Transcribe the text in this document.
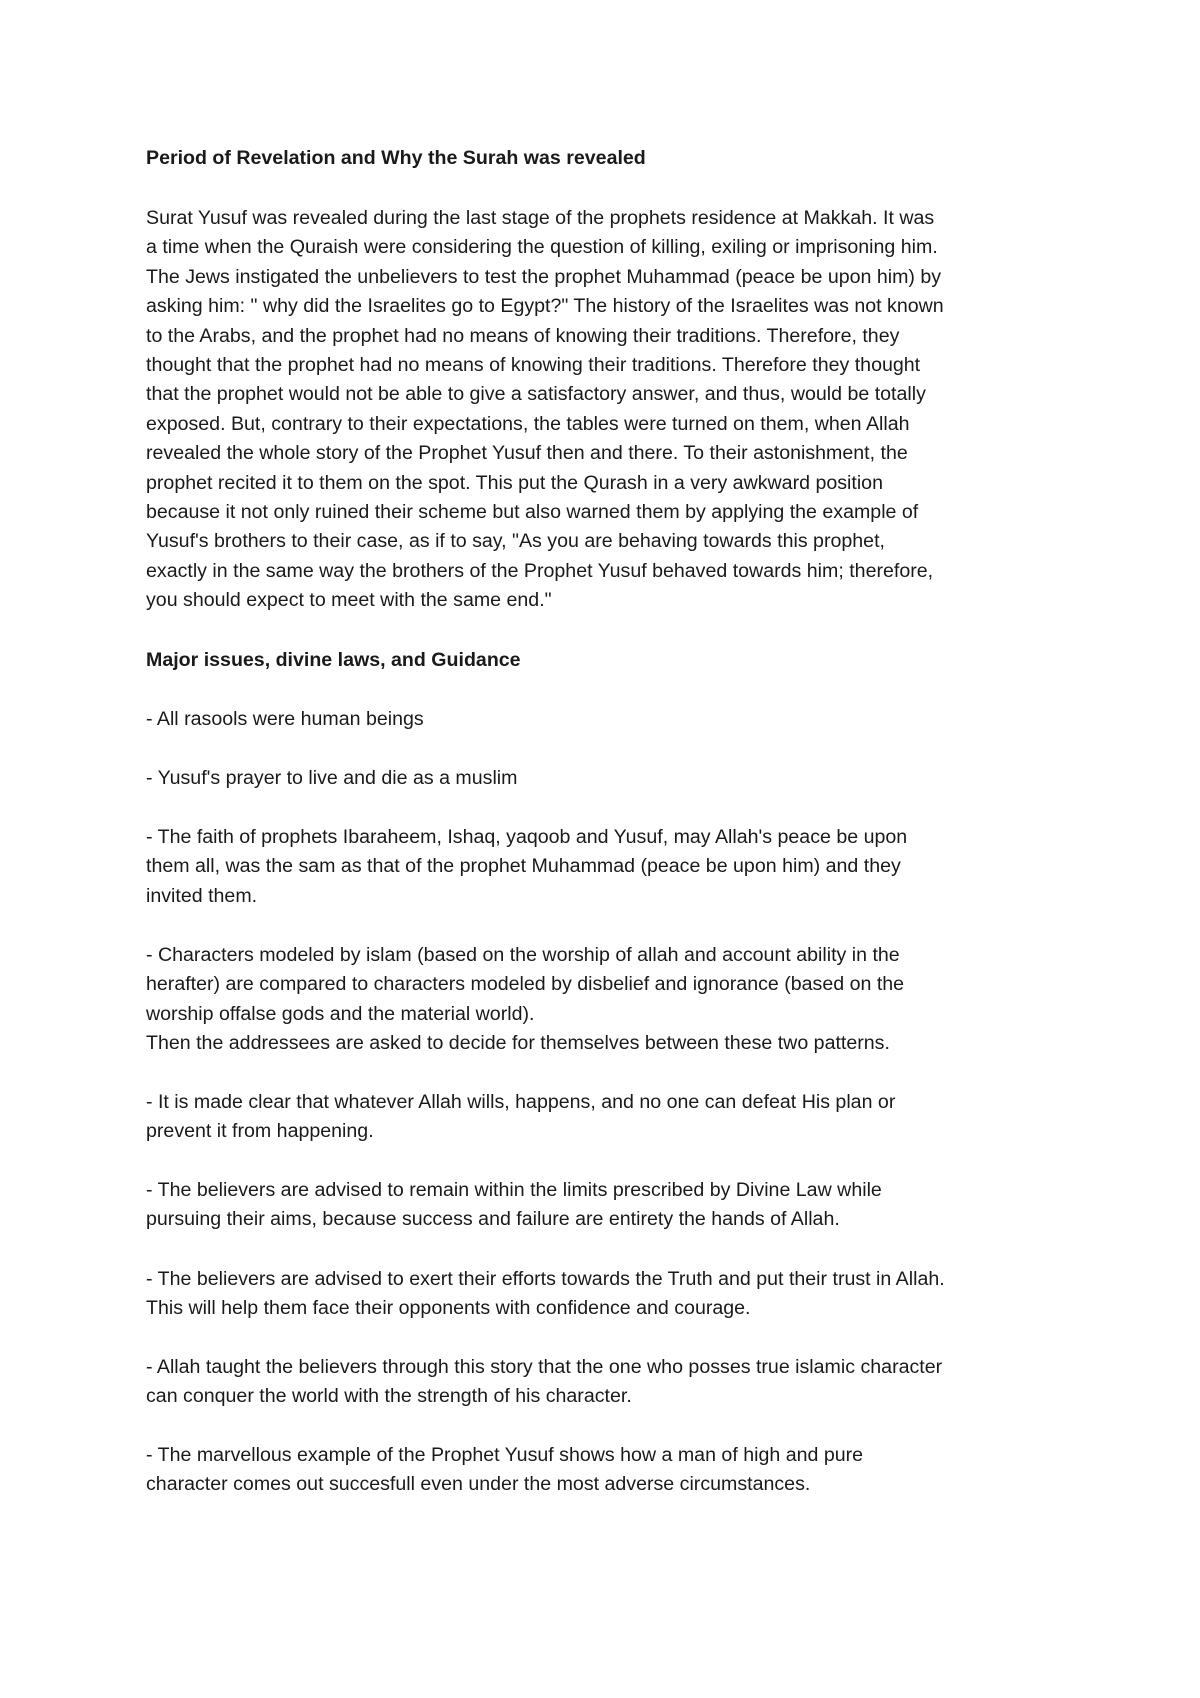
Period of Revelation and Why the Surah was revealed

Surat Yusuf was revealed during the last stage of the prophets residence at Makkah. It was
a time when the Quraish were considering the question of killing, exiling or imprisoning him.
The Jews instigated the unbelievers to test the prophet Muhammad (peace be upon him) by
asking him: " why did the Israelites go to Egypt?" The history of the Israelites was not known
to the Arabs, and the prophet had no means of knowing their traditions. Therefore, they
thought that the prophet had no means of knowing their traditions. Therefore they thought
that the prophet would not be able to give a satisfactory answer, and thus, would be totally
exposed. But, contrary to their expectations, the tables were turned on them, when Allah
revealed the whole story of the Prophet Yusuf then and there. To their astonishment, the
prophet recited it to them on the spot. This put the Qurash in a very awkward position
because it not only ruined their scheme but also warned them by applying the example of
Yusuf's brothers to their case, as if to say, "As you are behaving towards this prophet,
exactly in the same way the brothers of the Prophet Yusuf behaved towards him; therefore,
you should expect to meet with the same end."

Major issues, divine laws, and Guidance

- All rasools were human beings

- Yusuf's prayer to live and die as a muslim

- The faith of prophets Ibaraheem, Ishaq, yaqoob and Yusuf, may Allah's peace be upon
them all, was the sam as that of the prophet Muhammad (peace be upon him) and they
invited them.

- Characters modeled by islam (based on the worship of allah and account ability in the
herafter) are compared to characters modeled by disbelief and ignorance (based on the
worship offalse gods and the material world).
Then the addressees are asked to decide for themselves between these two patterns.

- It is made clear that whatever Allah wills, happens, and no one can defeat His plan or
prevent it from happening.

- The believers are advised to remain within the limits prescribed by Divine Law while
pursuing their aims, because success and failure are entirety the hands of Allah.

- The believers are advised to exert their efforts towards the Truth and put their trust in Allah.
This will help them face their opponents with confidence and courage.

- Allah taught the believers through this story that the one who posses true islamic character
can conquer the world with the strength of his character.

- The marvellous example of the Prophet Yusuf shows how a man of high and pure
character comes out succesfull even under the most adverse circumstances.
